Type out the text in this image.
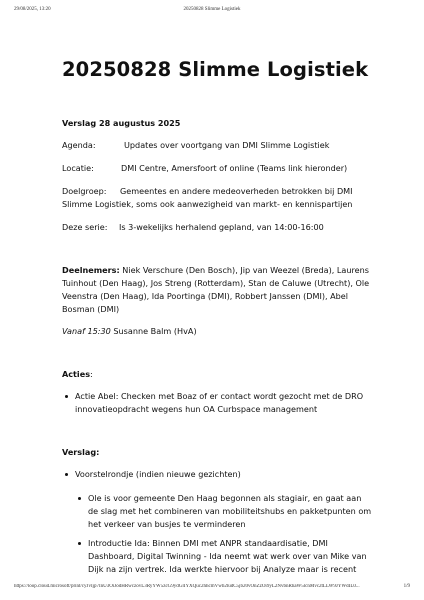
29/08/2025, 13:20	20250828 Slimme Logistiek
20250828 Slimme Logistiek
Verslag 28 augustus 2025
Agenda:	Updates over voortgang van DMI Slimme Logistiek
Locatie:	DMI Centre, Amersfoort of online (Teams link hieronder)
Doelgroep: Gemeentes en andere medeoverheden betrokken bij DMI
Slimme Logistiek, soms ook aanwezigheid van markt- en kennispartijen
Deze serie: Is 3-wekelijks herhalend gepland, van 14:00-16:00
Deelnemers: Niek Verschure (Den Bosch), Jip van Weezel (Breda), Laurens
Tuinhout (Den Haag), Jos Streng (Rotterdam), Stan de Caluwe (Utrecht), Ole
Veenstra (Den Haag), Ida Poortinga (DMI), Robbert Janssen (DMI), Abel
Bosman (DMI)
Vanaf 15:30 Susanne Balm (HvA)
Acties:
Actie Abel: Checken met Boaz of er contact wordt gezocht met de DRO
innovatieopdracht wegens hun OA Curbspace management
Verslag:
Voorstelrondje (indien nieuwe gezichten)
Ole is voor gemeente Den Haag begonnen als stagiair, en gaat aan
de slag met het combineren van mobiliteitshubs en pakketpunten om
het verkeer van busjes te verminderen
Introductie Ida: Binnen DMI met ANPR standaardisatie, DMI
Dashboard, Digital Twinning - Ida neemt wat werk over van Mike van
Dijk na zijn vertrek. Ida werkte hiervoor bij Analyze maar is recent
https://loop.cloud.microsoft/print/cyJvIjp7InU3OiJodHRwczovL3RyYW5zcG9ydGlIYXQuc2hhcmVwb2ludC5jb20vOnZzOi9yL2NvbnRhaW5lcnMvc2tLLW9JYWdIL0...	1/9
